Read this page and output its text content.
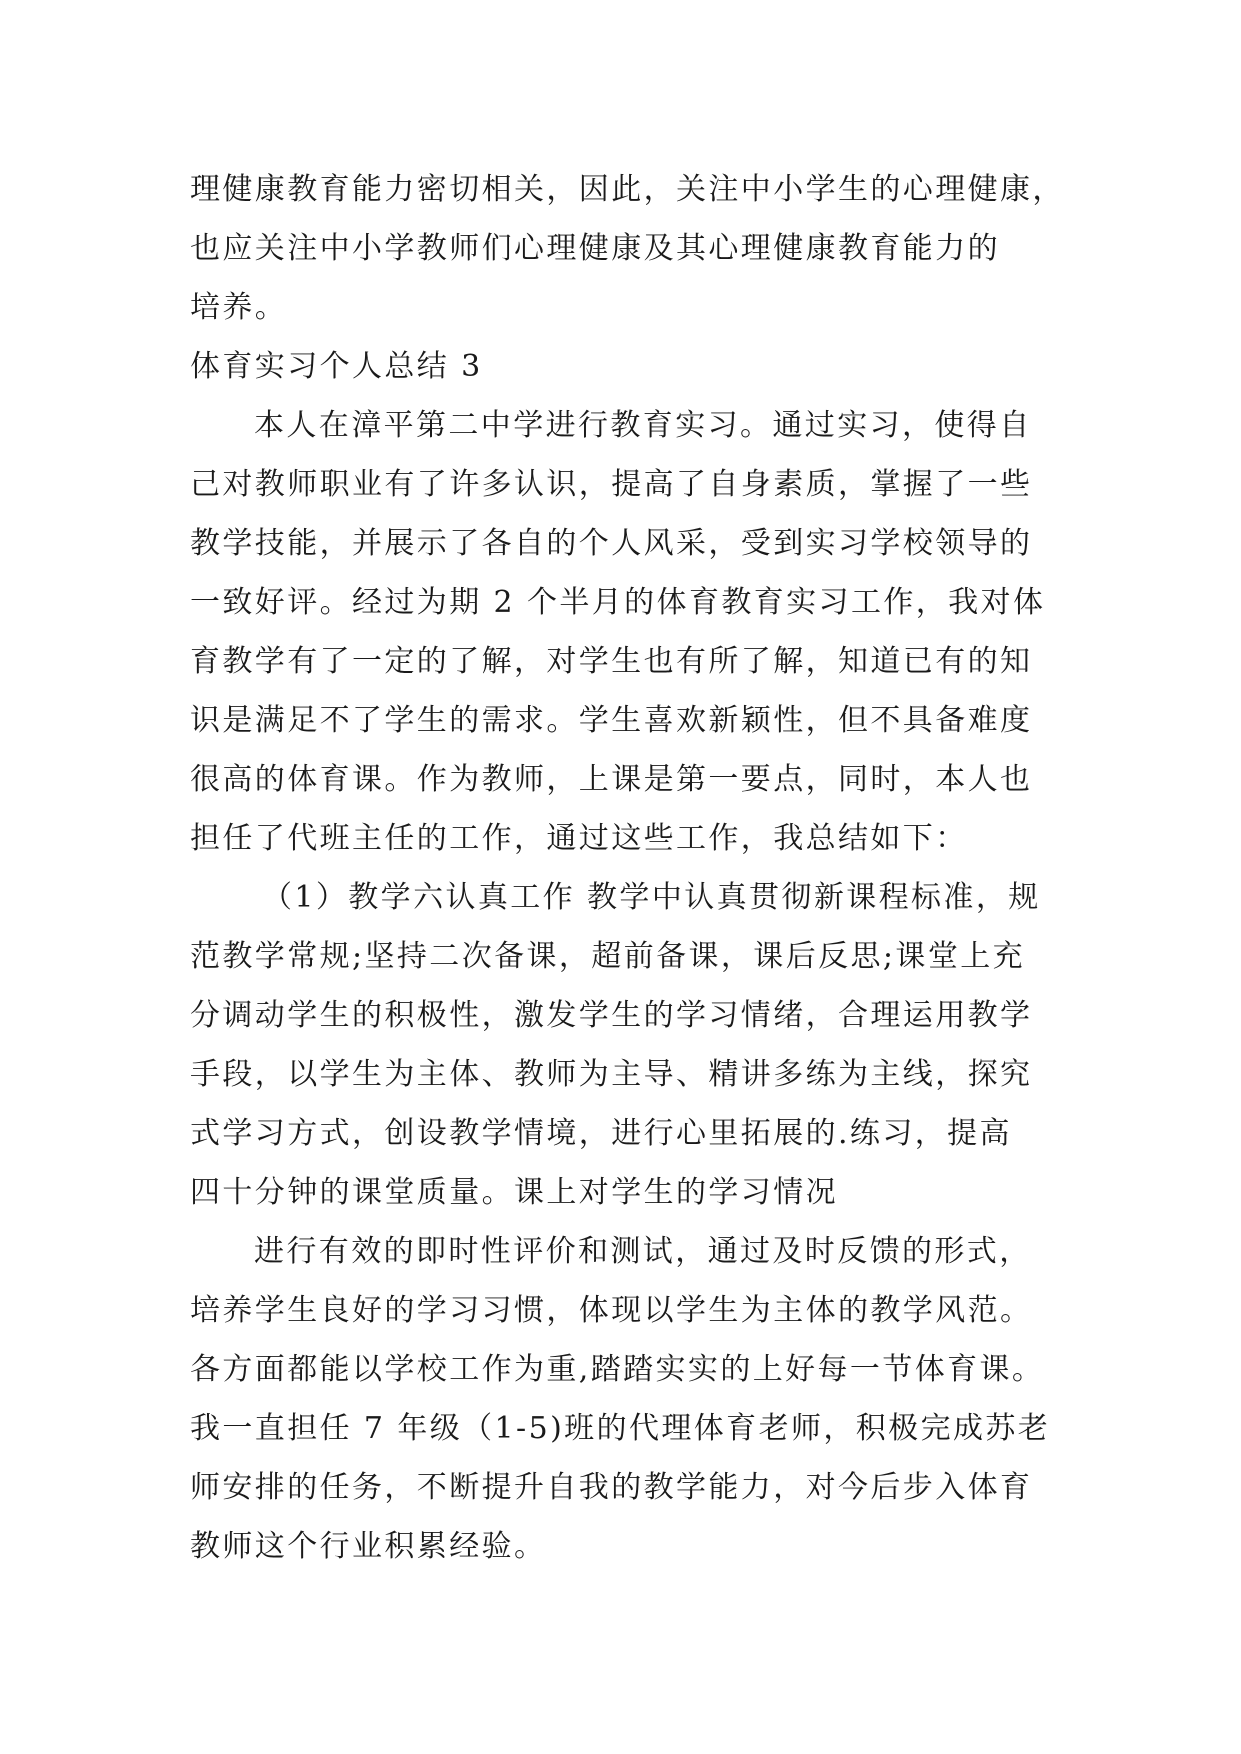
理健康教育能力密切相关，因此，关注中小学生的心理健康，
也应关注中小学教师们心理健康及其心理健康教育能力的
培养。
体育实习个人总结 3
本人在漳平第二中学进行教育实习。通过实习，使得自
己对教师职业有了许多认识，提高了自身素质，掌握了一些
教学技能，并展示了各自的个人风采，受到实习学校领导的
一致好评。经过为期 2 个半月的体育教育实习工作，我对体
育教学有了一定的了解，对学生也有所了解，知道已有的知
识是满足不了学生的需求。学生喜欢新颖性，但不具备难度
很高的体育课。作为教师，上课是第一要点，同时，本人也
担任了代班主任的工作，通过这些工作，我总结如下：
（1）教学六认真工作 教学中认真贯彻新课程标准，规
范教学常规;坚持二次备课，超前备课，课后反思;课堂上充
分调动学生的积极性，激发学生的学习情绪，合理运用教学
手段，以学生为主体、教师为主导、精讲多练为主线，探究
式学习方式，创设教学情境，进行心里拓展的.练习，提高
四十分钟的课堂质量。课上对学生的学习情况
进行有效的即时性评价和测试，通过及时反馈的形式，
培养学生良好的学习习惯，体现以学生为主体的教学风范。
各方面都能以学校工作为重,踏踏实实的上好每一节体育课。
我一直担任 7 年级（1-5)班的代理体育老师，积极完成苏老
师安排的任务，不断提升自我的教学能力，对今后步入体育
教师这个行业积累经验。
